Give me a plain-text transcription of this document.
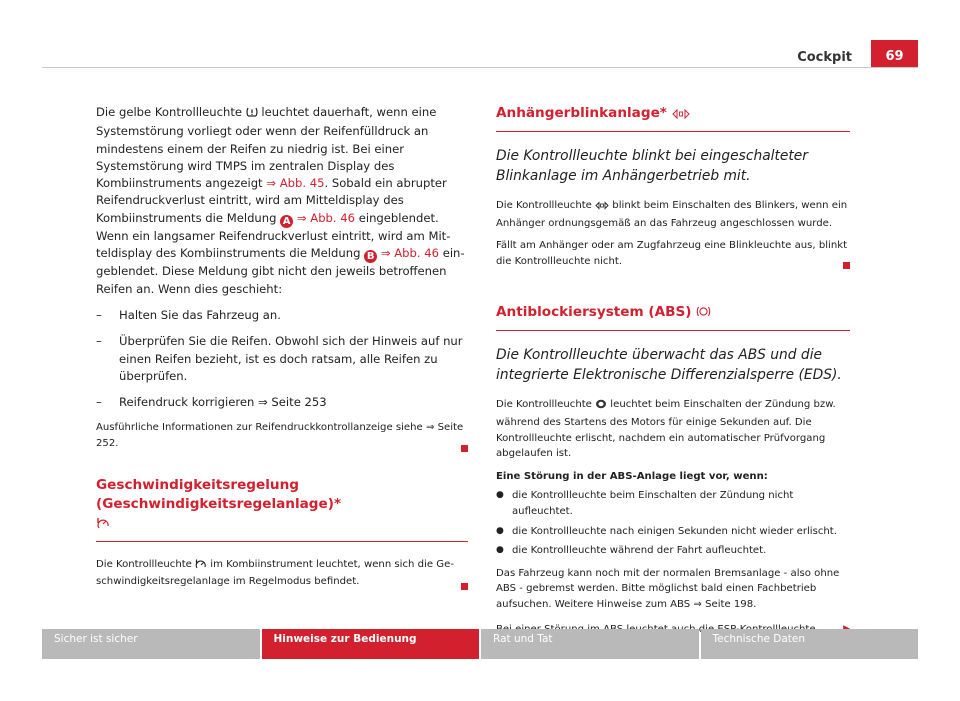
Cockpit	69

Die gelbe Kontrollleuchte  leuchtet dauerhaft, wenn eine Systemstörung vorliegt oder wenn der Reifenfülldruck an mindestens einem der Reifen zu niedrig ist. Bei einer Systemstörung wird TMPS im zentralen Display des Kombiinstruments angezeigt ⇒ Abb. 45. Sobald ein abrupter Reifendruckverlust eintritt, wird am Mitteldisplay des Kombiinstruments die Meldung A ⇒ Abb. 46 eingeblendet. Wenn ein langsamer Reifendruckverlust eintritt, wird am Mitteldisplay des Kombiinstruments die Meldung B ⇒ Abb. 46 eingeblendet. Diese Meldung gibt nicht den jeweils betroffenen Reifen an. Wenn dies geschieht:

–	Halten Sie das Fahrzeug an.
–	Überprüfen Sie die Reifen. Obwohl sich der Hinweis auf nur einen Reifen bezieht, ist es doch ratsam, alle Reifen zu überprüfen.
–	Reifendruck korrigieren ⇒ Seite 253

Ausführliche Informationen zur Reifendruckkontrollanzeige siehe ⇒ Seite 252.

Geschwindigkeitsregelung (Geschwindigkeitsregelanlage)*

Die Kontrollleuchte  im Kombiinstrument leuchtet, wenn sich die Geschwindigkeitsregelanlage im Regelmodus befindet.

Anhängerblinkanlage*

Die Kontrollleuchte blinkt bei eingeschalteter Blinkanlage im Anhängerbetrieb mit.

Die Kontrollleuchte  blinkt beim Einschalten des Blinkers, wenn ein Anhänger ordnungsgemäß an das Fahrzeug angeschlossen wurde.

Fällt am Anhänger oder am Zugfahrzeug eine Blinkleuchte aus, blinkt die Kontrollleuchte nicht.

Antiblockiersystem (ABS)

Die Kontrollleuchte überwacht das ABS und die integrierte Elektronische Differenzialsperre (EDS).

Die Kontrollleuchte  leuchtet beim Einschalten der Zündung bzw. während des Startens des Motors für einige Sekunden auf. Die Kontrollleuchte erlischt, nachdem ein automatischer Prüfvorgang abgelaufen ist.

Eine Störung in der ABS-Anlage liegt vor, wenn:

● die Kontrollleuchte beim Einschalten der Zündung nicht aufleuchtet.
● die Kontrollleuchte nach einigen Sekunden nicht wieder erlischt.
● die Kontrollleuchte während der Fahrt aufleuchtet.

Das Fahrzeug kann noch mit der normalen Bremsanlage - also ohne ABS - gebremst werden. Bitte möglichst bald einen Fachbetrieb aufsuchen. Weitere Hinweise zum ABS ⇒ Seite 198.

Sicher ist sicher	Hinweise zur Bedienung	Rat und Tat	Technische Daten
